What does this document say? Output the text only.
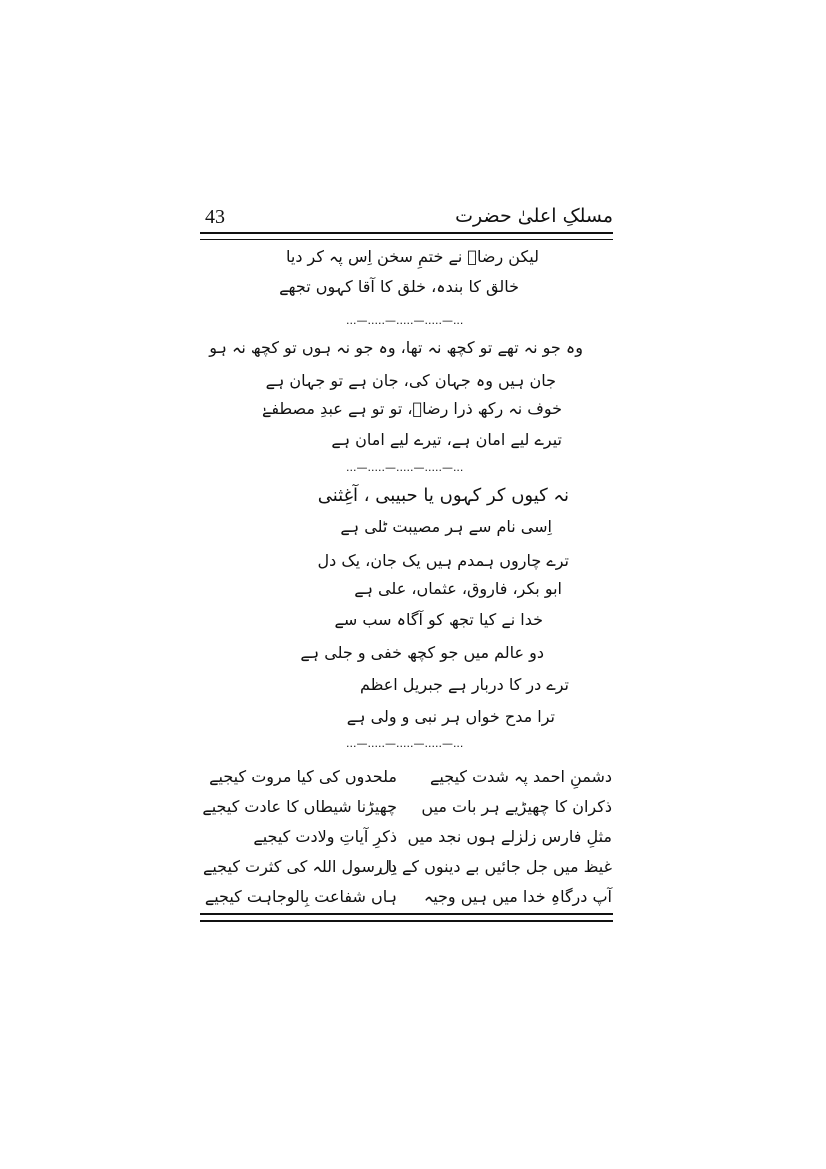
43	مسلکِ اعلیٰ حضرت
لیکن رضاؔ نے ختمِ سخن اِس پہ کر دیا
خالق کا بندہ، خلق کا آقا کہوں تجھے
...—.....—.....—.....—...
وہ جو نہ تھے تو کچھ نہ تھا، وہ جو نہ ہوں تو کچھ نہ ہو
جان ہیں وہ جہان کی، جان ہے تو جہان ہے
خوف نہ رکھ ذرا رضاؔ، تو تو ہے عبدِ مصطفےٰ
تیرے لیے امان ہے، تیرے لیے امان ہے
...—.....—.....—.....—...
نہ کیوں کر کہوں یا حبیبی ، آغِثنی
اِسی نام سے ہر مصیبت ٹلی ہے
ترے چاروں ہمدم ہیں یک جان، یک دل
ابو بکر، فاروق، عثماں، علی ہے
خدا نے کیا تجھ کو آگاہ سب سے
دو عالم میں جو کچھ خفی و جلی ہے
ترے در کا دربار ہے جبریل اعظم
ترا مدح خواں ہر نبی و ولی ہے
...—.....—.....—.....—...
دشمنِ احمد پہ شدت کیجیے
ملحدوں کی کیا مروت کیجیے
ذکران کا چھیڑیے ہر بات میں
چھیڑنا شیطاں کا عادت کیجیے
مثلِ فارس زلزلے ہوں نجد میں
ذکرِ آیاتِ ولادت کیجیے
غیظ میں جل جائیں بے دینوں کے دِل
یا رسول اللہ کی کثرت کیجیے
آپ درگاہِ خدا میں ہیں وجیہ
ہاں شفاعت بِالوجاہت کیجیے
